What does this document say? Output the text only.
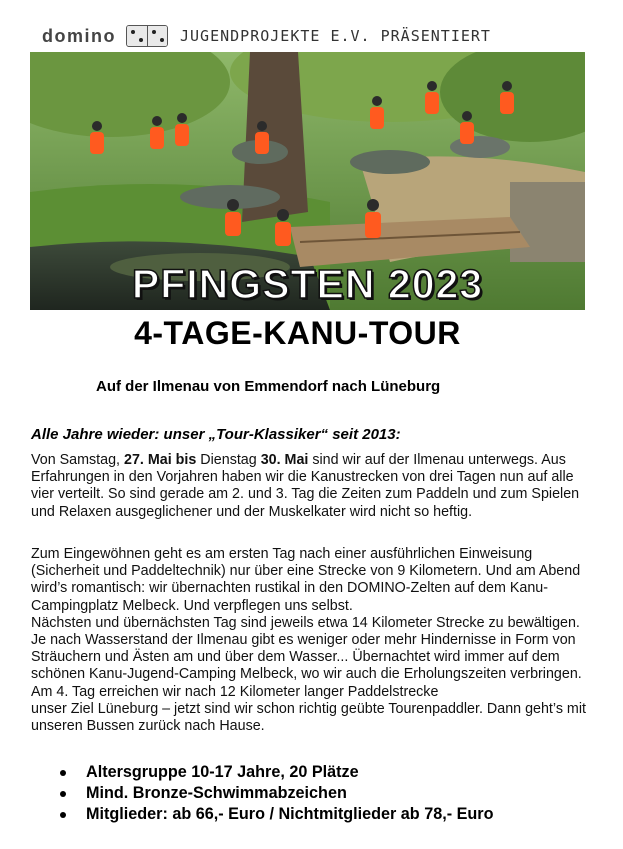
domino	JUGENDPROJEKTE E.V. PRÄSENTIERT
PFINGSTEN 2023
4-TAGE-KANU-TOUR
Auf der Ilmenau von Emmendorf nach Lüneburg
Alle Jahre wieder: unser „Tour-Klassiker“ seit 2013:
Von Samstag, 27. Mai bis Dienstag 30. Mai sind wir auf der Ilmenau unterwegs. Aus Erfahrungen in den Vorjahren haben wir die Kanustrecken von drei Tagen nun auf alle vier verteilt. So sind gerade am 2. und 3. Tag die Zeiten zum Paddeln und zum Spielen und Relaxen ausgeglichener und der Muskelkater wird nicht so heftig.
Zum Eingewöhnen geht es am ersten Tag nach einer ausführlichen Einweisung (Sicherheit und Paddeltechnik) nur über eine Strecke von 9 Kilometern. Und am Abend wird’s romantisch: wir übernachten rustikal in den DOMINO-Zelten auf dem Kanu-Campingplatz Melbeck. Und verpflegen uns selbst.
Nächsten und übernächsten Tag sind jeweils etwa 14 Kilometer Strecke zu bewältigen. Je nach Wasserstand der Ilmenau gibt es weniger oder mehr Hindernisse in Form von Sträuchern und Ästen am und über dem Wasser... Übernachtet wird immer auf dem schönen Kanu-Jugend-Camping Melbeck, wo wir auch die Erholungszeiten verbringen.
Am 4. Tag erreichen wir nach 12 Kilometer langer Paddelstrecke
unser Ziel Lüneburg – jetzt sind wir schon richtig geübte Tourenpaddler. Dann geht’s mit unseren Bussen zurück nach Hause.
Altersgruppe 10-17 Jahre, 20 Plätze
Mind. Bronze-Schwimmabzeichen
Mitglieder: ab 66,- Euro / Nichtmitglieder ab 78,- Euro
